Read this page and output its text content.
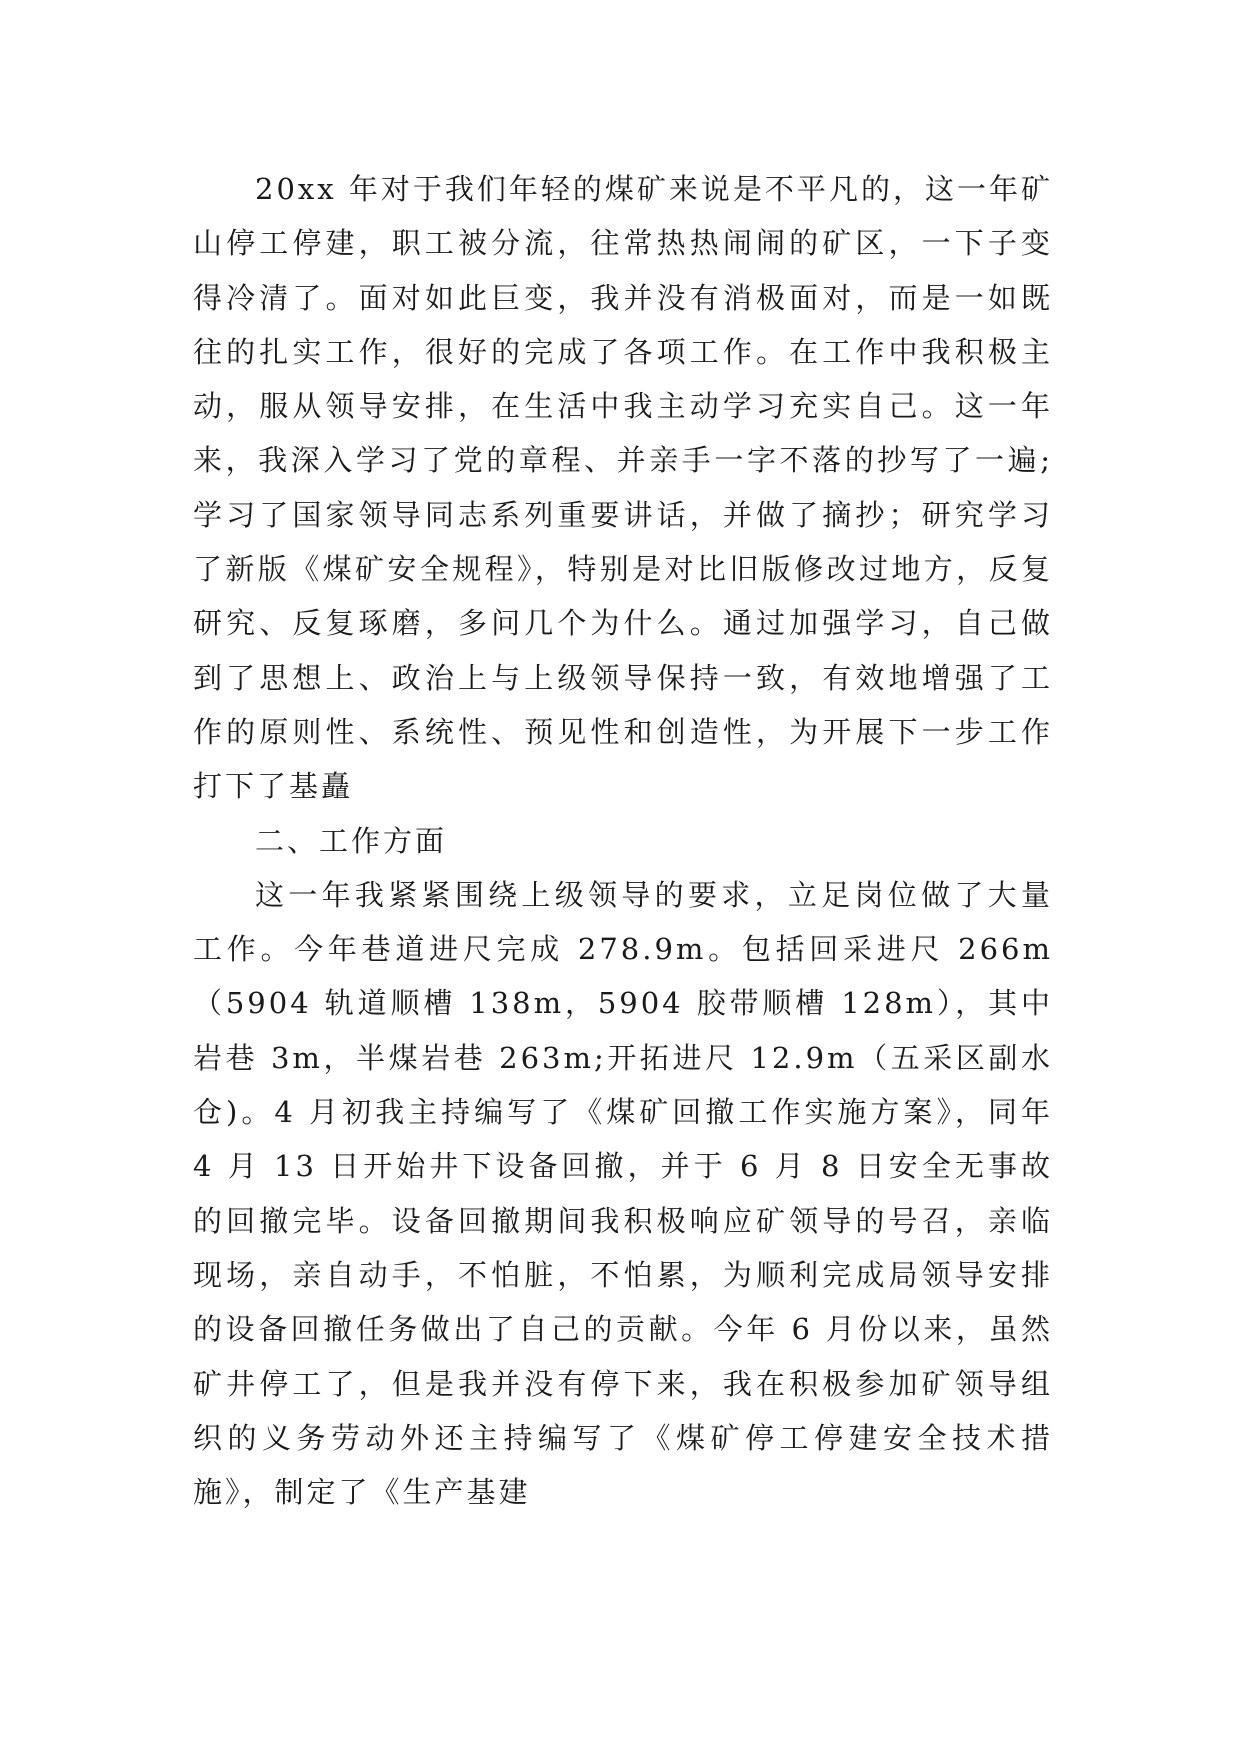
20xx 年对于我们年轻的煤矿来说是不平凡的，这一年矿山停工停建，职工被分流，往常热热闹闹的矿区，一下子变得冷清了。面对如此巨变，我并没有消极面对，而是一如既往的扎实工作，很好的完成了各项工作。在工作中我积极主动，服从领导安排，在生活中我主动学习充实自己。这一年来，我深入学习了党的章程、并亲手一字不落的抄写了一遍;学习了国家领导同志系列重要讲话，并做了摘抄；研究学习了新版《煤矿安全规程》，特别是对比旧版修改过地方，反复研究、反复琢磨，多问几个为什么。通过加强学习，自己做到了思想上、政治上与上级领导保持一致，有效地增强了工作的原则性、系统性、预见性和创造性，为开展下一步工作打下了基矗

二、工作方面

这一年我紧紧围绕上级领导的要求，立足岗位做了大量工作。今年巷道进尺完成 278.9m。包括回采进尺 266m（5904 轨道顺槽 138m，5904 胶带顺槽 128m），其中岩巷 3m，半煤岩巷 263m;开拓进尺 12.9m（五采区副水仓)。4 月初我主持编写了《煤矿回撤工作实施方案》，同年 4 月 13 日开始井下设备回撤，并于 6 月 8 日安全无事故的回撤完毕。设备回撤期间我积极响应矿领导的号召，亲临现场，亲自动手，不怕脏，不怕累，为顺利完成局领导安排的设备回撤任务做出了自己的贡献。今年 6 月份以来，虽然矿井停工了，但是我并没有停下来，我在积极参加矿领导组织的义务劳动外还主持编写了《煤矿停工停建安全技术措施》，制定了《生产基建
